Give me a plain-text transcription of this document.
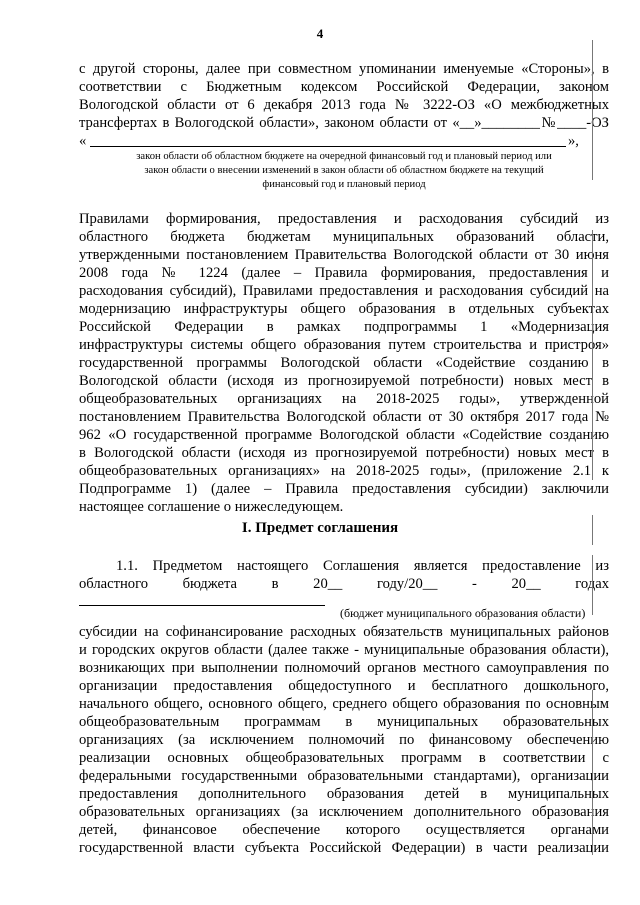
4
с другой стороны, далее при совместном упоминании именуемые «Стороны», в
соответствии с Бюджетным кодексом Российской Федерации, законом
Вологодской области от 6 декабря 2013 года № 3222-ОЗ «О межбюджетных
трансфертах в Вологодской области», законом области от «__»________№____-ОЗ
«	»,
закон области об областном бюджете на очередной финансовый год и плановый период или
закон области о внесении изменений в закон области об областном бюджете на текущий
финансовый год и плановый период
Правилами формирования, предоставления и расходования субсидий из
областного бюджета бюджетам муниципальных образований области,
утвержденными постановлением Правительства Вологодской области от 30 июня
2008 года № 1224 (далее – Правила формирования, предоставления и
расходования субсидий), Правилами предоставления и расходования субсидий на
модернизацию инфраструктуры общего образования в отдельных субъектах
Российской Федерации в рамках подпрограммы 1 «Модернизация
инфраструктуры системы общего образования путем строительства и пристроя»
государственной программы Вологодской области «Содействие созданию в
Вологодской области (исходя из прогнозируемой потребности) новых мест в
общеобразовательных организациях на 2018-2025 годы», утвержденной
постановлением Правительства Вологодской области от 30 октября 2017 года №
962 «О государственной программе Вологодской области «Содействие созданию
в Вологодской области (исходя из прогнозируемой потребности) новых мест в
общеобразовательных организациях» на 2018-2025 годы», (приложение 2.1 к
Подпрограмме 1) (далее – Правила предоставления субсидии) заключили
настоящее соглашение о нижеследующем.
I. Предмет соглашения
1.1. Предметом настоящего Соглашения является предоставление из
областного бюджета в 20__ году/20__ - 20__ годах
(бюджет муниципального образования области)
субсидии на софинансирование расходных обязательств муниципальных районов
и городских округов области (далее также - муниципальные образования области),
возникающих при выполнении полномочий органов местного самоуправления по
организации предоставления общедоступного и бесплатного дошкольного,
начального общего, основного общего, среднего общего образования по основным
общеобразовательным программам в муниципальных образовательных
организациях (за исключением полномочий по финансовому обеспечению
реализации основных общеобразовательных программ в соответствии с
федеральными государственными образовательными стандартами), организации
предоставления дополнительного образования детей в муниципальных
образовательных организациях (за исключением дополнительного образования
детей, финансовое обеспечение которого осуществляется органами
государственной власти субъекта Российской Федерации) в части реализации
